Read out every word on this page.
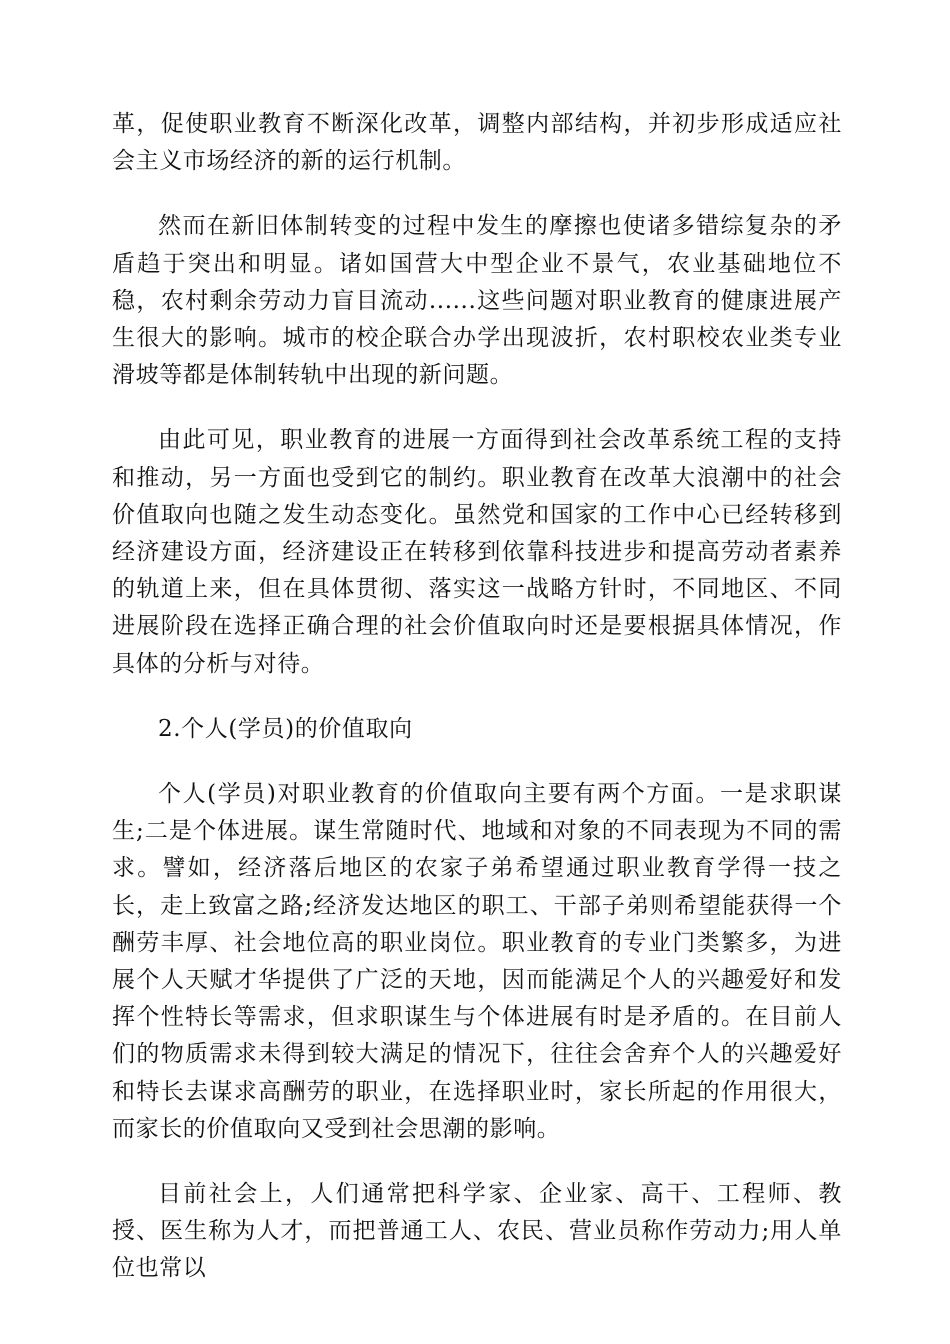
革，促使职业教育不断深化改革，调整内部结构，并初步形成适应社会主义市场经济的新的运行机制。

然而在新旧体制转变的过程中发生的摩擦也使诸多错综复杂的矛盾趋于突出和明显。诸如国营大中型企业不景气，农业基础地位不稳，农村剩余劳动力盲目流动......这些问题对职业教育的健康进展产生很大的影响。城市的校企联合办学出现波折，农村职校农业类专业滑坡等都是体制转轨中出现的新问题。

由此可见，职业教育的进展一方面得到社会改革系统工程的支持和推动，另一方面也受到它的制约。职业教育在改革大浪潮中的社会价值取向也随之发生动态变化。虽然党和国家的工作中心已经转移到经济建设方面，经济建设正在转移到依靠科技进步和提高劳动者素养的轨道上来，但在具体贯彻、落实这一战略方针时，不同地区、不同进展阶段在选择正确合理的社会价值取向时还是要根据具体情况，作具体的分析与对待。

2.个人(学员)的价值取向

个人(学员)对职业教育的价值取向主要有两个方面。一是求职谋生;二是个体进展。谋生常随时代、地域和对象的不同表现为不同的需求。譬如，经济落后地区的农家子弟希望通过职业教育学得一技之长，走上致富之路;经济发达地区的职工、干部子弟则希望能获得一个酬劳丰厚、社会地位高的职业岗位。职业教育的专业门类繁多，为进展个人天赋才华提供了广泛的天地，因而能满足个人的兴趣爱好和发挥个性特长等需求，但求职谋生与个体进展有时是矛盾的。在目前人们的物质需求未得到较大满足的情况下，往往会舍弃个人的兴趣爱好和特长去谋求高酬劳的职业，在选择职业时，家长所起的作用很大，而家长的价值取向又受到社会思潮的影响。

目前社会上，人们通常把科学家、企业家、高干、工程师、教授、医生称为人才，而把普通工人、农民、营业员称作劳动力;用人单位也常以
